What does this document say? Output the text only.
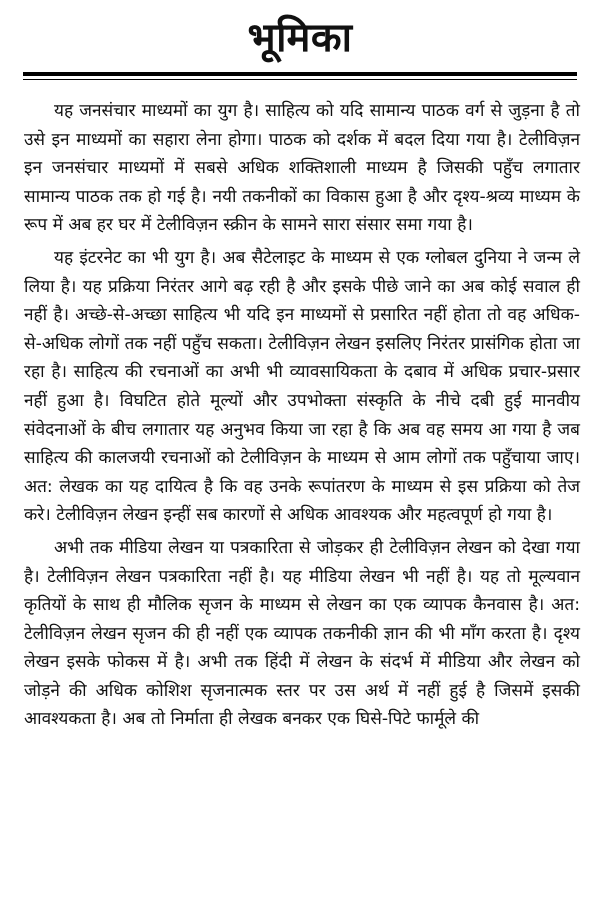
भूमिका

यह जनसंचार माध्यमों का युग है। साहित्य को यदि सामान्य पाठक वर्ग से जुड़ना है तो उसे इन माध्यमों का सहारा लेना होगा। पाठक को दर्शक में बदल दिया गया है। टेलीविज़न इन जनसंचार माध्यमों में सबसे अधिक शक्तिशाली माध्यम है जिसकी पहुँच लगातार सामान्य पाठक तक हो गई है। नयी तकनीकों का विकास हुआ है और दृश्य-श्रव्य माध्यम के रूप में अब हर घर में टेलीविज़न स्क्रीन के सामने सारा संसार समा गया है।

यह इंटरनेट का भी युग है। अब सैटेलाइट के माध्यम से एक ग्लोबल दुनिया ने जन्म ले लिया है। यह प्रक्रिया निरंतर आगे बढ़ रही है और इसके पीछे जाने का अब कोई सवाल ही नहीं है। अच्छे-से-अच्छा साहित्य भी यदि इन माध्यमों से प्रसारित नहीं होता तो वह अधिक-से-अधिक लोगों तक नहीं पहुँच सकता। टेलीविज़न लेखन इसलिए निरंतर प्रासंगिक होता जा रहा है। साहित्य की रचनाओं का अभी भी व्यावसायिकता के दबाव में अधिक प्रचार-प्रसार नहीं हुआ है। विघटित होते मूल्यों और उपभोक्ता संस्कृति के नीचे दबी हुई मानवीय संवेदनाओं के बीच लगातार यह अनुभव किया जा रहा है कि अब वह समय आ गया है जब साहित्य की कालजयी रचनाओं को टेलीविज़न के माध्यम से आम लोगों तक पहुँचाया जाए। अत: लेखक का यह दायित्व है कि वह उनके रूपांतरण के माध्यम से इस प्रक्रिया को तेज करे। टेलीविज़न लेखन इन्हीं सब कारणों से अधिक आवश्यक और महत्वपूर्ण हो गया है।

अभी तक मीडिया लेखन या पत्रकारिता से जोड़कर ही टेलीविज़न लेखन को देखा गया है। टेलीविज़न लेखन पत्रकारिता नहीं है। यह मीडिया लेखन भी नहीं है। यह तो मूल्यवान कृतियों के साथ ही मौलिक सृजन के माध्यम से लेखन का एक व्यापक कैनवास है। अत: टेलीविज़न लेखन सृजन की ही नहीं एक व्यापक तकनीकी ज्ञान की भी माँग करता है। दृश्य लेखन इसके फोकस में है। अभी तक हिंदी में लेखन के संदर्भ में मीडिया और लेखन को जोड़ने की अधिक कोशिश सृजनात्मक स्तर पर उस अर्थ में नहीं हुई है जिसमें इसकी आवश्यकता है। अब तो निर्माता ही लेखक बनकर एक घिसे-पिटे फार्मूले की
